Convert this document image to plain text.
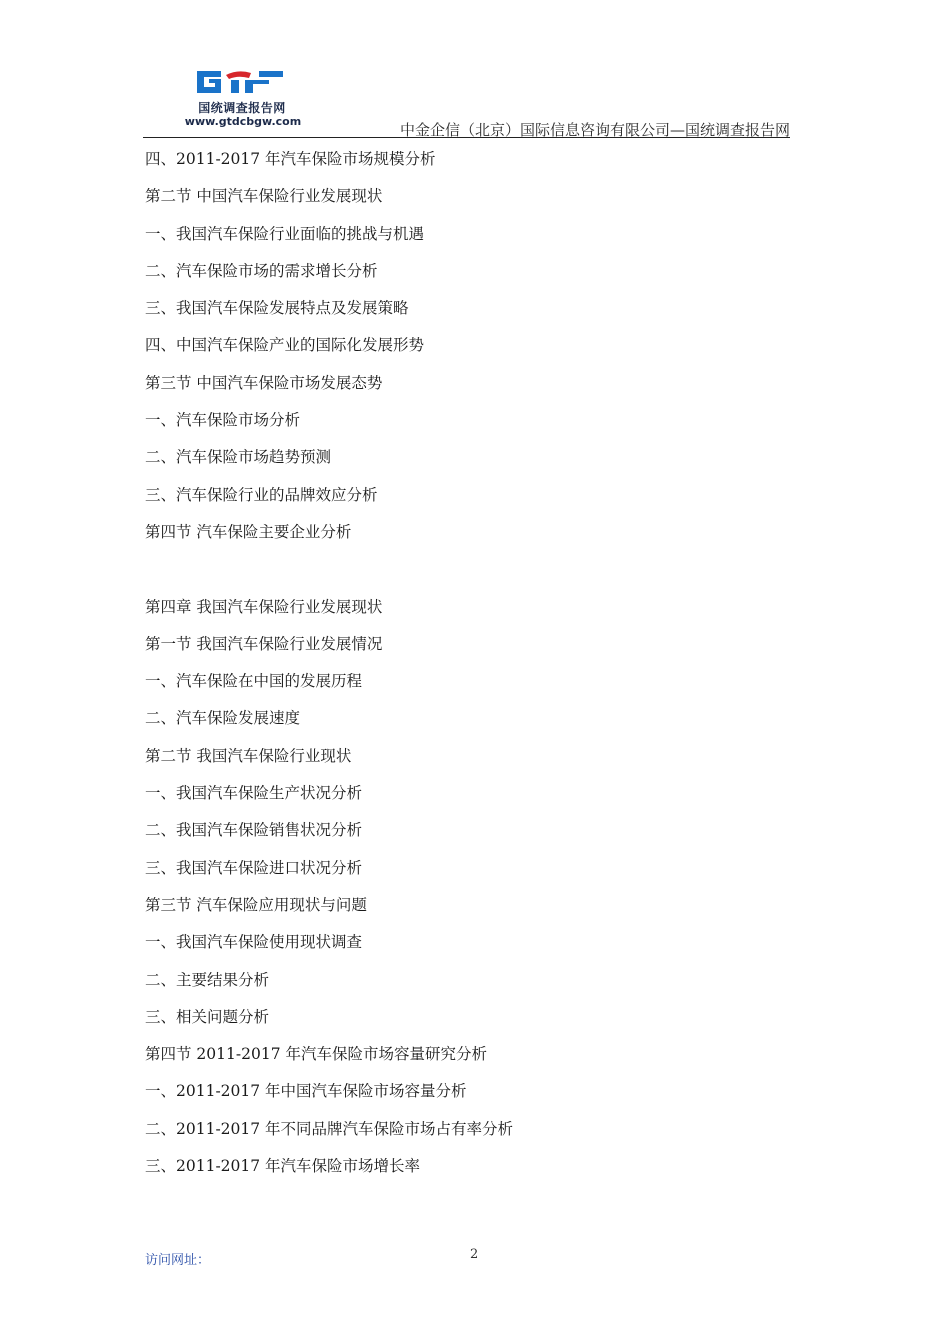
国统调查报告网
www.gtdcbgw.com	中金企信（北京）国际信息咨询有限公司—国统调查报告网
四、2011-2017 年汽车保险市场规模分析
第二节 中国汽车保险行业发展现状
一、我国汽车保险行业面临的挑战与机遇
二、汽车保险市场的需求增长分析
三、我国汽车保险发展特点及发展策略
四、中国汽车保险产业的国际化发展形势
第三节 中国汽车保险市场发展态势
一、汽车保险市场分析
二、汽车保险市场趋势预测
三、汽车保险行业的品牌效应分析
第四节 汽车保险主要企业分析
第四章 我国汽车保险行业发展现状
第一节 我国汽车保险行业发展情况
一、汽车保险在中国的发展历程
二、汽车保险发展速度
第二节 我国汽车保险行业现状
一、我国汽车保险生产状况分析
二、我国汽车保险销售状况分析
三、我国汽车保险进口状况分析
第三节 汽车保险应用现状与问题
一、我国汽车保险使用现状调查
二、主要结果分析
三、相关问题分析
第四节 2011-2017 年汽车保险市场容量研究分析
一、2011-2017 年中国汽车保险市场容量分析
二、2011-2017 年不同品牌汽车保险市场占有率分析
三、2011-2017 年汽车保险市场增长率
访问网址：	2
